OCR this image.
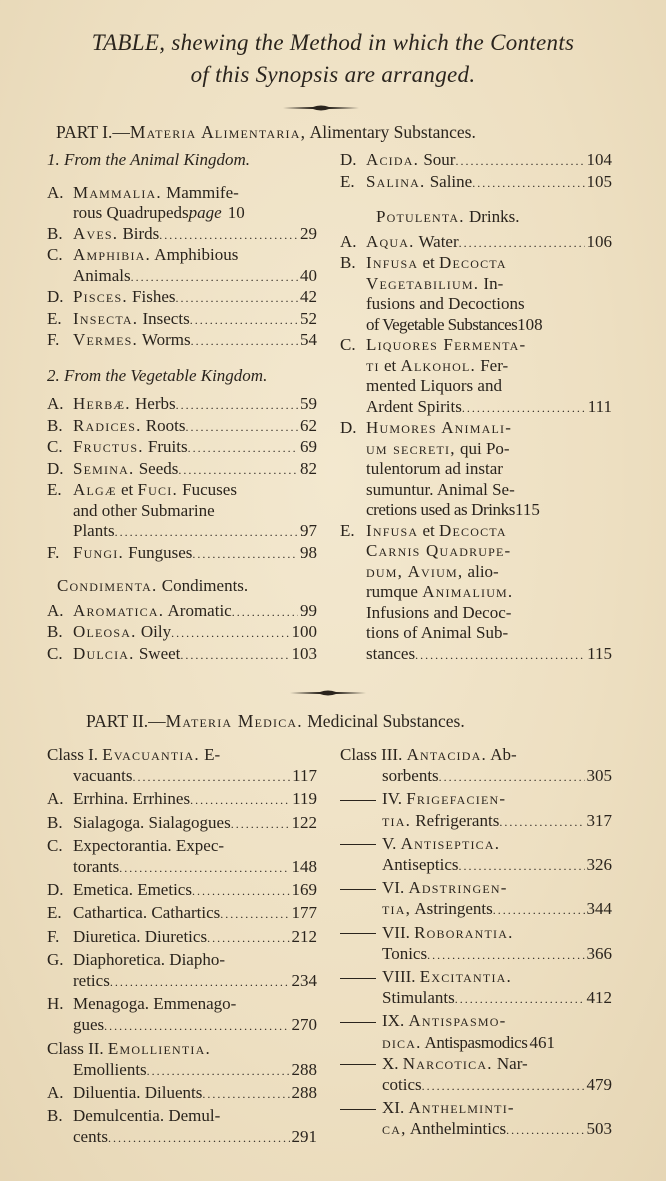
TABLE, shewing the Method in which the Contents
of this Synopsis are arranged.
PART I.—Materia Alimentaria, Alimentary Substances.
1. From the Animal Kingdom.
A. Mammalia. Mammife-
rous Quadrupeds page 10
B. Aves. Birds . . .	29
C. Amphibia. Amphibious
Animals . . .	40
D. Pisces. Fishes . . .	42
E. Insecta. Insects . . .	52
F. Vermes. Worms . . .	54
2. From the Vegetable Kingdom.
A. Herbæ. Herbs . . .	59
B. Radices. Roots . . .	62
C. Fructus. Fruits . . .	69
D. Semina. Seeds . . .	82
E. Algæ et Fuci. Fucuses
and other Submarine
Plants . . .	97
F. Fungi. Funguses . . .	98
Condimenta. Condiments.
A. Aromatica. Aromatic . . .	99
B. Oleosa. Oily . . .	100
C. Dulcia. Sweet . . .	103
D. Acida. Sour . . .	104
E. Salina. Saline . . .	105
Potulenta. Drinks.
A. Aqua. Water . . .	106
B. Infusa et Decocta
Vegetabilium. In-
fusions and Decoctions
of Vegetable Substances 108
C. Liquores Fermenta-
ti et Alkohol. Fer-
mented Liquors and
Ardent Spirits . . .	111
D. Humores Animali-
um secreti, qui Po-
tulentorum ad instar
sumuntur. Animal Se-
cretions used as Drinks 115
E. Infusa et Decocta
Carnis Quadrupe-
dum, Avium, alio-
rumque Animalium.
Infusions and Decoc-
tions of Animal Sub-
stances . . .	115
PART II.—Materia Medica. Medicinal Substances.
Class I. Evacuantia. E-
vacuants . . .	117
A. Errhina. Errhines . . .	119
B. Sialagoga. Sialagogues . . .	122
C. Expectorantia. Expec-
torants . . .	148
D. Emetica. Emetics . . .	169
E. Cathartica. Cathartics . . .	177
F. Diuretica. Diuretics . . .	212
G. Diaphoretica. Diapho-
retics . . .	234
H. Menagoga. Emmenago-
gues . . .	270
Class II. Emollientia.
Emollients . . .	288
A. Diluentia. Diluents . . .	288
B. Demulcentia. Demul-
cents . . .	291
Class III. Antacida. Ab-
sorbents . . .	305
IV. Frigefacien-
tia. Refrigerants . . .	317
V. Antiseptica.
Antiseptics . . .	326
VI. Adstringen-
tia, Astringents . . .	344
VII. Roborantia.
Tonics . . .	366
VIII. Excitantia.
Stimulants . . .	412
IX. Antispasmo-
dica. Antispasmodics 461
X. Narcotica. Nar-
cotics . . .	479
XI. Anthelminti-
ca, Anthelmintics . . .	503
